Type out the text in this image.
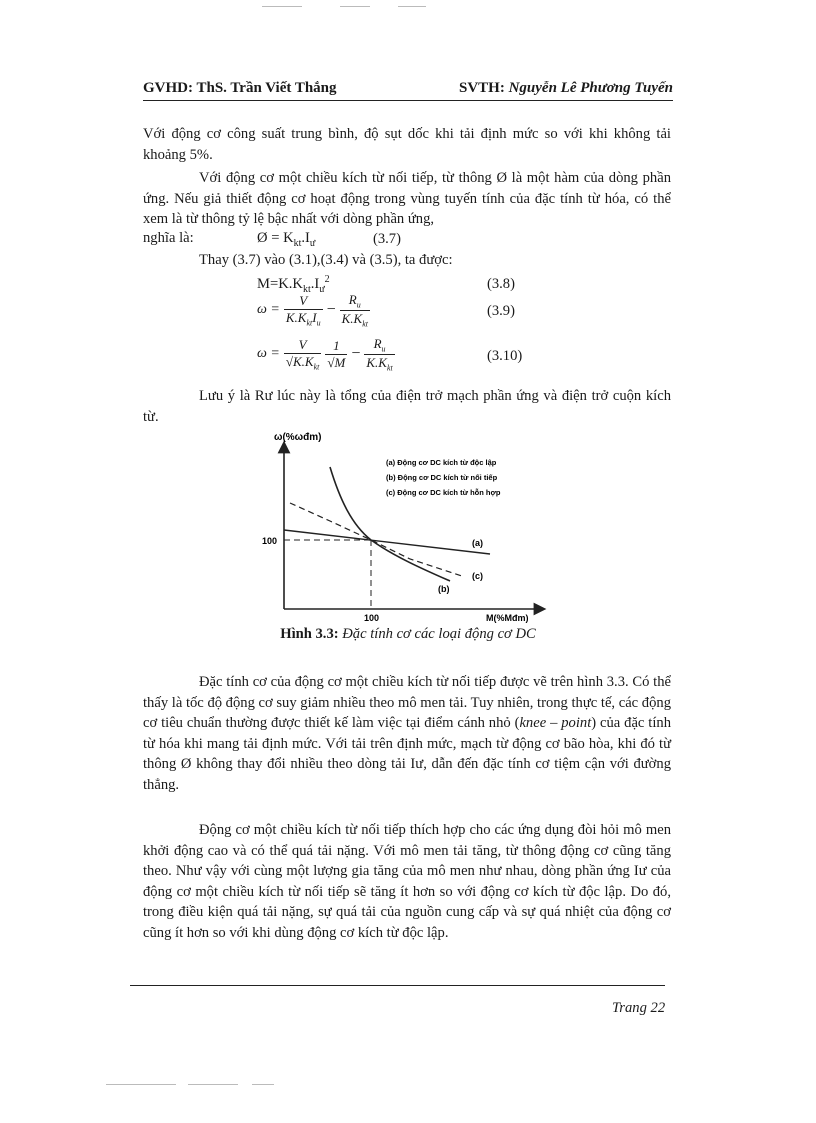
GVHD: ThS. Trần Viết Thắng	SVTH: Nguyễn Lê Phương Tuyến

Với động cơ công suất trung bình, độ sụt dốc khi tải định mức so với khi không tải khoảng 5%.

Với động cơ một chiều kích từ nối tiếp, từ thông Ø là một hàm của dòng phần ứng. Nếu giả thiết động cơ hoạt động trong vùng tuyến tính của đặc tính từ hóa, có thể xem là từ thông tỷ lệ bậc nhất với dòng phần ứng,

nghĩa là:	Ø = $K_{kt}.I_ư$	(3.7)
Thay (3.7) vào (3.1),(3.4) và (3.5), ta được:
$M=K.K_{kt}.I_ư^2$	(3.8)
$\omega = \frac{V}{K.K_{kt}I_u} - \frac{R_u}{K.K_{kt}}$	(3.9)
$\omega = \frac{V}{√K.K_{kt}}$
$\frac{1}{√M} - \frac{R_u}{K.K_{kt}}$	(3.10)

Lưu ý là Rư lúc này là tổng của điện trở mạch phần ứng và điện trở cuộn kích từ.

ω(%ωđm)
M(%Mđm)
100
100
(a) Động cơ DC kích từ độc lập
(b) Động cơ DC kích từ nối tiếp
(c) Động cơ DC kích từ hỗn hợp
(a)
(b)
(c)
Hình 3.3: Đặc tính cơ các loại động cơ DC

Đặc tính cơ của động cơ một chiều kích từ nối tiếp được vẽ trên hình 3.3. Có thể thấy là tốc độ động cơ suy giảm nhiều theo mô men tải. Tuy nhiên, trong thực tế, các động cơ tiêu chuẩn thường được thiết kế làm việc tại điểm cánh nhỏ (knee – point) của đặc tính từ hóa khi mang tải định mức. Với tải trên định mức, mạch từ động cơ bão hòa, khi đó từ thông Ø không thay đổi nhiều theo dòng tải Iư, dẫn đến đặc tính cơ tiệm cận với đường thẳng.

Động cơ một chiều kích từ nối tiếp thích hợp cho các ứng dụng đòi hỏi mô men khởi động cao và có thể quá tải nặng. Với mô men tải tăng, từ thông động cơ cũng tăng theo. Như vậy với cùng một lượng gia tăng của mô men như nhau, dòng phần ứng Iư của động cơ một chiều kích từ nối tiếp sẽ tăng ít hơn so với động cơ kích từ độc lập. Do đó, trong điều kiện quá tải nặng, sự quá tải của nguồn cung cấp và sự quá nhiệt của động cơ cũng ít hơn so với khi dùng động cơ kích từ độc lập.

Trang 22
